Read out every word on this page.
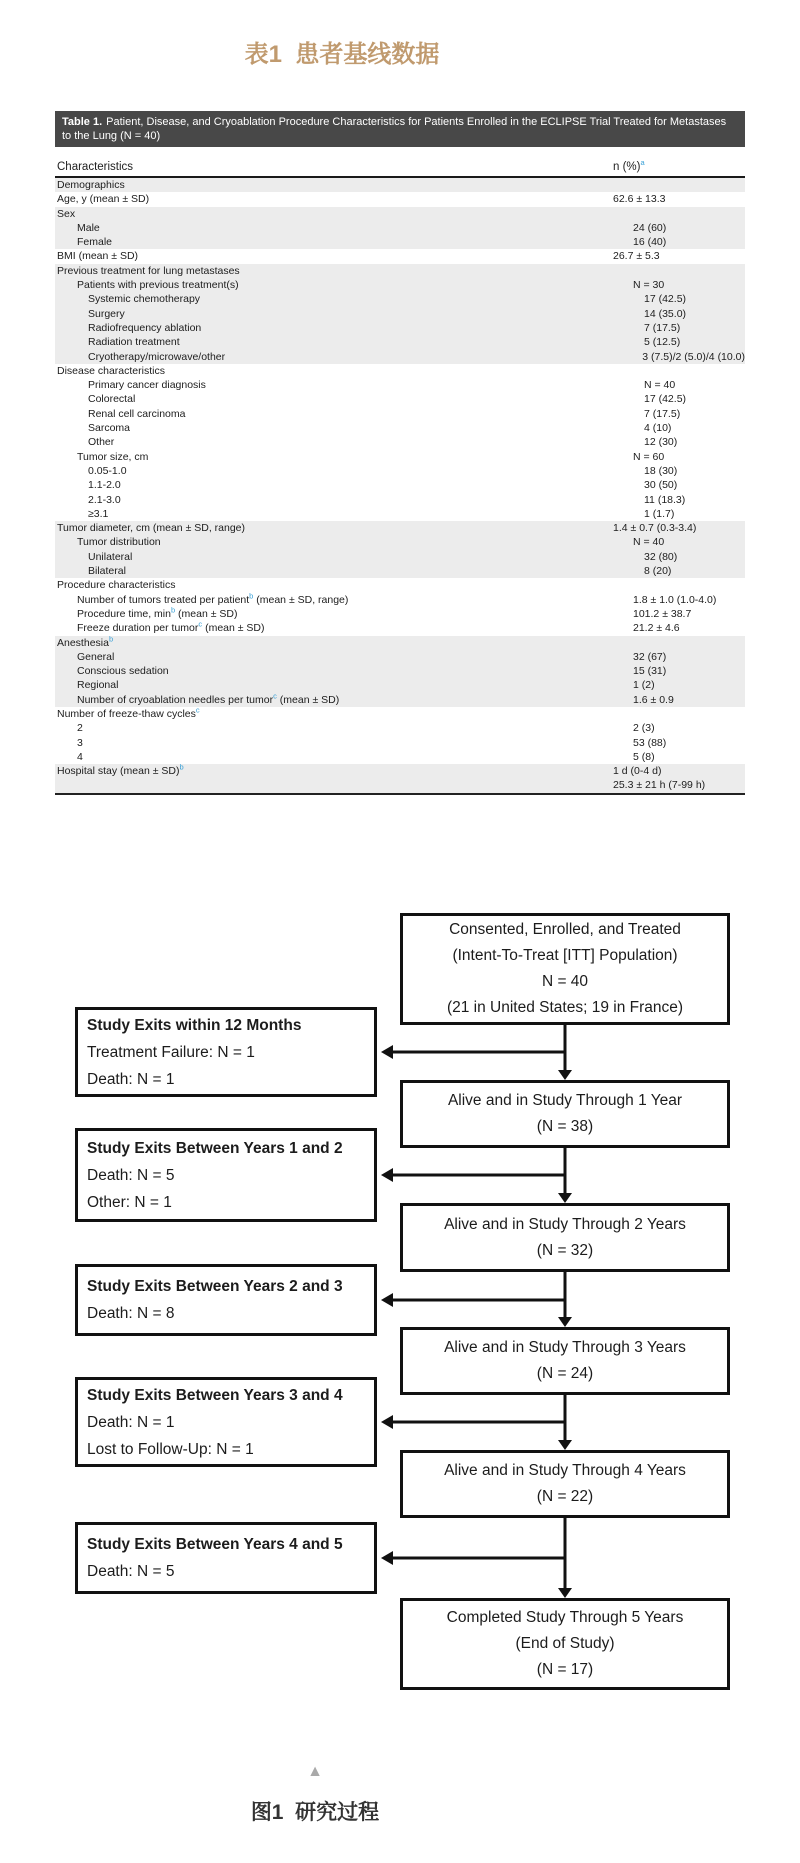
表1  患者基线数据
Table 1. Patient, Disease, and Cryoablation Procedure Characteristics for Patients Enrolled in the ECLIPSE Trial Treated for Metastases to the Lung (N = 40)
Characteristics	n (%)$^a$
Demographics
Age, y (mean ± SD)	62.6 ± 13.3
Sex
Male	24 (60)
Female	16 (40)
BMI (mean ± SD)	26.7 ± 5.3
Previous treatment for lung metastases
Patients with previous treatment(s)	N = 30
Systemic chemotherapy	17 (42.5)
Surgery	14 (35.0)
Radiofrequency ablation	7 (17.5)
Radiation treatment	5 (12.5)
Cryotherapy/microwave/other	3 (7.5)/2 (5.0)/4 (10.0)
Disease characteristics
Primary cancer diagnosis	N = 40
Colorectal	17 (42.5)
Renal cell carcinoma	7 (17.5)
Sarcoma	4 (10)
Other	12 (30)
Tumor size, cm	N = 60
0.05-1.0	18 (30)
1.1-2.0	30 (50)
2.1-3.0	11 (18.3)
≥3.1	1 (1.7)
Tumor diameter, cm (mean ± SD, range)	1.4 ± 0.7 (0.3-3.4)
Tumor distribution	N = 40
Unilateral	32 (80)
Bilateral	8 (20)
Procedure characteristics
Number of tumors treated per patient$^b$ (mean ± SD, range)	1.8 ± 1.0 (1.0-4.0)
Procedure time, $\min^b$ (mean ± SD)	101.2 ± 38.7
Freeze duration per tumor$^c$ (mean ± SD)	21.2 ± 4.6
Anesthesia$^b$
General	32 (67)
Conscious sedation	15 (31)
Regional	1 (2)
Number of cryoablation needles per tumor$^c$ (mean ± SD)	1.6 ± 0.9
Number of freeze-thaw cycles$^c$
2	2 (3)
3	53 (88)
4	5 (8)
Hospital stay (mean ± SD)$^b$	1 d (0-4 d)
25.3 ± 21 h (7-99 h)
Consented, Enrolled, and Treated
(Intent-To-Treat [ITT] Population)
N = 40
(21 in United States; 19 in France)
Alive and in Study Through 1 Year
(N = 38)
Alive and in Study Through 2 Years
(N = 32)
Alive and in Study Through 3 Years
(N = 24)
Alive and in Study Through 4 Years
(N = 22)
Completed Study Through 5 Years
(End of Study)
(N = 17)
Study Exits within 12 Months
Treatment Failure: N = 1
Death: N = 1
Study Exits Between Years 1 and 2
Death: N = 5
Other: N = 1
Study Exits Between Years 2 and 3
Death: N = 8
Study Exits Between Years 3 and 4
Death: N = 1
Lost to Follow-Up: N = 1
Study Exits Between Years 4 and 5
Death: N = 5
▲
图1  研究过程
